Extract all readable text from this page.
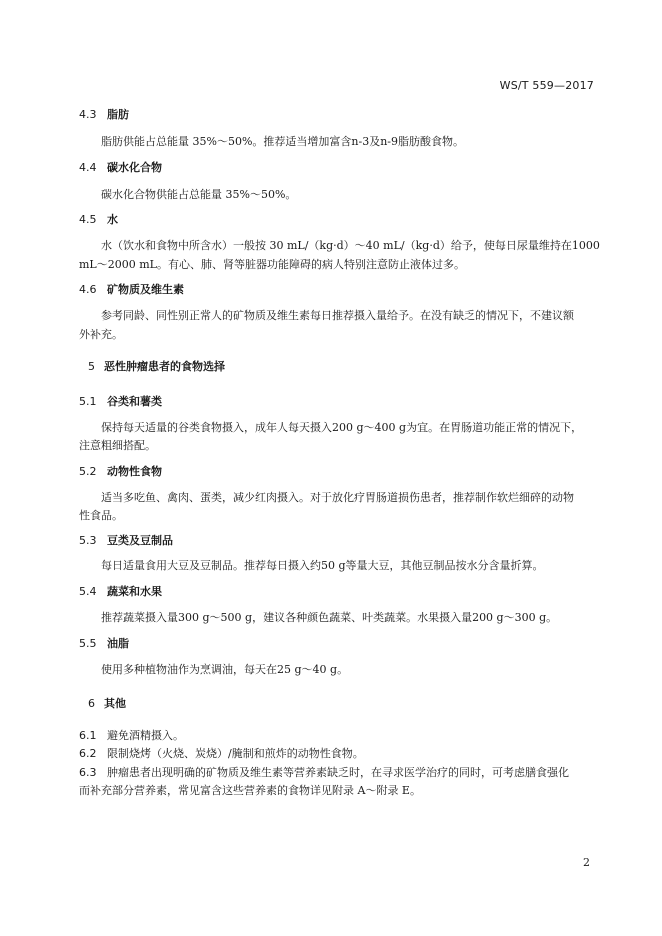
WS/T 559—2017
4.3 脂肪
脂肪供能占总能量 35%～50%。推荐适当增加富含n-3及n-9脂肪酸食物。
4.4 碳水化合物
碳水化合物供能占总能量 35%～50%。
4.5 水
水（饮水和食物中所含水）一般按 30 mL/（kg·d）～40 mL/（kg·d）给予，使每日尿量维持在1000
mL～2000 mL。有心、肺、肾等脏器功能障碍的病人特别注意防止液体过多。
4.6 矿物质及维生素
参考同龄、同性别正常人的矿物质及维生素每日推荐摄入量给予。在没有缺乏的情况下，不建议额
外补充。
5 恶性肿瘤患者的食物选择
5.1 谷类和薯类
保持每天适量的谷类食物摄入，成年人每天摄入200 g～400 g为宜。在胃肠道功能正常的情况下，
注意粗细搭配。
5.2 动物性食物
适当多吃鱼、禽肉、蛋类，减少红肉摄入。对于放化疗胃肠道损伤患者，推荐制作软烂细碎的动物
性食品。
5.3 豆类及豆制品
每日适量食用大豆及豆制品。推荐每日摄入约50 g等量大豆，其他豆制品按水分含量折算。
5.4 蔬菜和水果
推荐蔬菜摄入量300 g～500 g，建议各种颜色蔬菜、叶类蔬菜。水果摄入量200 g～300 g。
5.5 油脂
使用多种植物油作为烹调油，每天在25 g～40 g。
6 其他
6.1 避免酒精摄入。
6.2 限制烧烤（火烧、炭烧）/腌制和煎炸的动物性食物。
6.3 肿瘤患者出现明确的矿物质及维生素等营养素缺乏时，在寻求医学治疗的同时，可考虑膳食强化
而补充部分营养素，常见富含这些营养素的食物详见附录 A～附录 E。
2
